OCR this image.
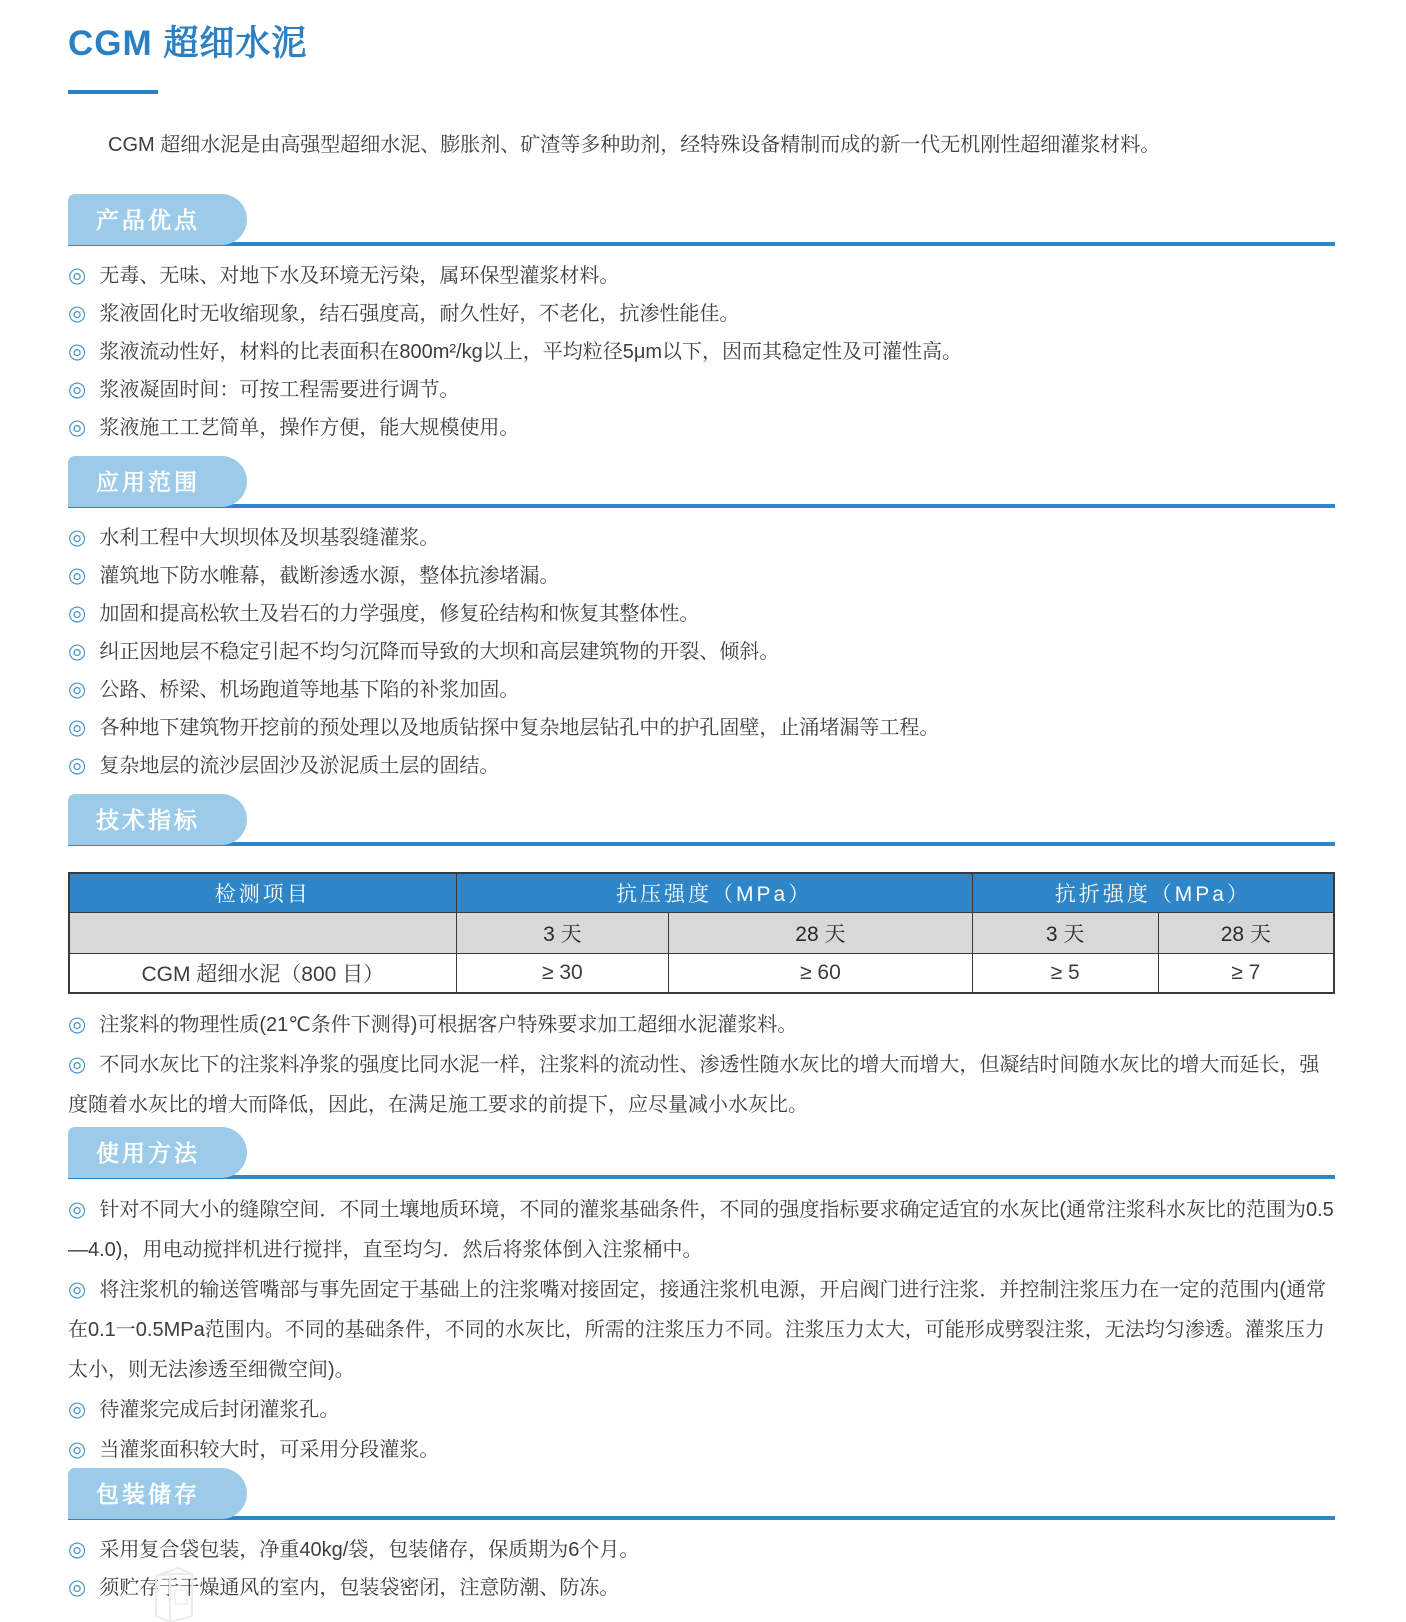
CGM 超细水泥

CGM 超细水泥是由高强型超细水泥、膨胀剂、矿渣等多种助剂，经特殊设备精制而成的新一代无机刚性超细灌浆材料。

产品优点
◎ 无毒、无味、对地下水及环境无污染，属环保型灌浆材料。
◎ 浆液固化时无收缩现象，结石强度高，耐久性好，不老化，抗渗性能佳。
◎ 浆液流动性好，材料的比表面积在800m²/kg以上，平均粒径5μm以下，因而其稳定性及可灌性高。
◎ 浆液凝固时间：可按工程需要进行调节。
◎ 浆液施工工艺简单，操作方便，能大规模使用。
应用范围
◎ 水利工程中大坝坝体及坝基裂缝灌浆。
◎ 灌筑地下防水帷幕，截断渗透水源，整体抗渗堵漏。
◎ 加固和提高松软土及岩石的力学强度，修复砼结构和恢复其整体性。
◎ 纠正因地层不稳定引起不均匀沉降而导致的大坝和高层建筑物的开裂、倾斜。
◎ 公路、桥梁、机场跑道等地基下陷的补浆加固。
◎ 各种地下建筑物开挖前的预处理以及地质钻探中复杂地层钻孔中的护孔固壁，止涌堵漏等工程。
◎ 复杂地层的流沙层固沙及淤泥质土层的固结。
技术指标
检测项目	抗压强度（MPa）		抗折强度（MPa）	
	3 天	28 天	3 天	28 天
CGM 超细水泥（800 目）	≥ 30	≥ 60	≥ 5	≥ 7
◎ 注浆料的物理性质(21℃条件下测得)可根据客户特殊要求加工超细水泥灌浆料。
◎ 不同水灰比下的注浆料净浆的强度比同水泥一样，注浆料的流动性、渗透性随水灰比的增大而增大，但凝结时间随水灰比的增大而延长，强度随着水灰比的增大而降低，因此，在满足施工要求的前提下，应尽量减小水灰比。
使用方法
◎ 针对不同大小的缝隙空间．不同土壤地质环境，不同的灌浆基础条件，不同的强度指标要求确定适宜的水灰比(通常注浆科水灰比的范围为0.5—4.0)，用电动搅拌机进行搅拌，直至均匀．然后将浆体倒入注浆桶中。
◎ 将注浆机的输送管嘴部与事先固定于基础上的注浆嘴对接固定，接通注浆机电源，开启阀门进行注浆．并控制注浆压力在一定的范围内(通常在0.1一0.5MPa范围内。不同的基础条件，不同的水灰比，所需的注浆压力不同。注浆压力太大，可能形成劈裂注浆，无法均匀渗透。灌浆压力太小，则无法渗透至细微空间)。
◎ 待灌浆完成后封闭灌浆孔。
◎ 当灌浆面积较大时，可采用分段灌浆。
包装储存
◎ 采用复合袋包装，净重40kg/袋，包装储存，保质期为6个月。
◎ 须贮存于干燥通风的室内，包装袋密闭，注意防潮、防冻。
